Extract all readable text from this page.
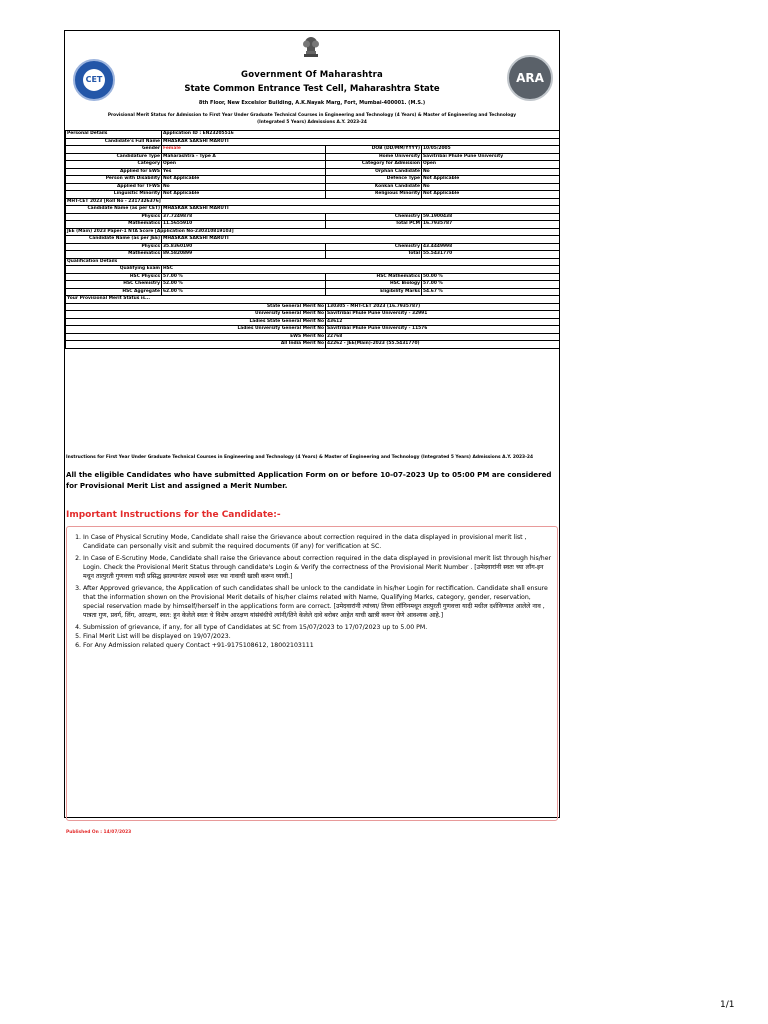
CET	ARA
Government Of Maharashtra
State Common Entrance Test Cell, Maharashtra State
8th Floor, New Excelsior Building, A.K.Nayak Marg, Fort, Mumbai-400001. (M.S.)
Provisional Merit Status for Admission to First Year Under Graduate Technical Courses in Engineering and Technology (4 Years) & Master of Engineering and Technology (Integrated 5 Years) Admissions A.Y. 2023-24
Personal Details	Application ID : EN23205516		
Candidate's Full Name	MHASKAR SAKSHI MARUTI		
Gender	Female	DOB (DD/MM/YYYY)	10/05/2005
Candidature Type	Maharashtra - Type A	Home University	Savitribai Phule Pune University
Category	Open	Category for Admission	Open
Applied for EWS	Yes	Orphan Candidate	No
Person with Disability	Not Applicable	Defence Type	Not Applicable
Applied for TFWS	No	Konkan Candidate	No
Linguistic Minority	Not Applicable	Religious Minority	Not Applicable
MHT-CET 2023 [Roll No - 2317326376]			
Candidate Name (as per CET)	MHASKAR SAKSHI MARUTI		
Physics	37.7249878	Chemistry	59.1900438
Mathematics	11.5655910	Total PCM	16.7935787
JEE (Main) 2023 Paper-1 NTA Score [Application No-230310819103]			
Candidate Name (as per JEE)	MHASKAR SAKSHI MARUTI		
Physics	35.8360190	Chemistry	43.4449998
Mathematics	89.5820899	Total	55.5431770
Qualification Details			
Qualifying Exam	HSC		
HSC Physics	57.00 %	HSC Mathematics	50.00 %
HSC Chemistry	52.00 %	HSC Biology	57.00 %
HSC Aggregate	62.00 %	Eligibility Marks	54.67 %
Your Provisional Merit Status is...			
State General Merit No		130305 - MHT-CET 2023 (16.7935787)	
University General Merit No		Savitribai Phule Pune University - 32991	
Ladies State General Merit No		43612	
Ladies University General Merit No		Savitribai Phule Pune University - 11576	
EWS Merit No		22768	
All India Merit No		42262 - JEE(Main)-2023 (55.5431770)	
Instructions for First Year Under Graduate Technical Courses in Engineering and Technology (4 Years) & Master of Engineering and Technology (Integrated 5 Years) Admissions A.Y. 2023-24
All the eligible Candidates who have submitted Application Form on or before 10-07-2023 Up to 05:00 PM are considered for Provisional Merit List and assigned a Merit Number.
Important Instructions for the Candidate:-
1. In Case of Physical Scrutiny Mode, Candidate shall raise the Grievance about correction required in the data displayed in provisional merit list , Candidate can personally visit and submit the required documents (if any) for verification at SC.
2. In Case of E-Scrutiny Mode, Candidate shall raise the Grievance about correction required in the data displayed in provisional merit list through his/her Login. Check the Provisional Merit Status through candidate's Login & Verify the correctness of the Provisional Merit Number . [उमेदवारांनी स्वतः च्या लॉग-इन मधून तात्पुरती गुणवत्ता यादी प्रसिद्ध झाल्यानंतर त्यामध्ये स्वतः च्या नावाची खात्री करून घ्यावी.]
3. After Approved grievance, the Application of such candidates shall be unlock to the candidate in his/her Login for rectification. Candidate shall ensure that the information shown on the Provisional Merit details of his/her claims related with Name, Qualifying Marks, category, gender, reservation, special reservation made by himself/herself in the applications form are correct. [उमेदवारांनी त्यांच्या/ तिच्या लॉगिनमधून तात्पुरती गुणवत्ता यादी मधील दर्शविण्यात आलेले नाव , पात्रता गुण, प्रवर्ग, लिंग, आरक्षण, स्वत: हून केलेले स्वतः चे विशेष आरक्षण यांसंबंधीचे त्यांनी/तिने केलेले दावे बरोबर आहेत याची खात्री करून घेणे आवश्यक आहे.]
4. Submission of grievance, if any, for all type of Candidates at SC from 15/07/2023 to 17/07/2023 up to 5.00 PM.
5. Final Merit List will be displayed on 19/07/2023.
6. For Any Admission related query Contact +91-9175108612, 18002103111
Published On : 14/07/2023
1/1
